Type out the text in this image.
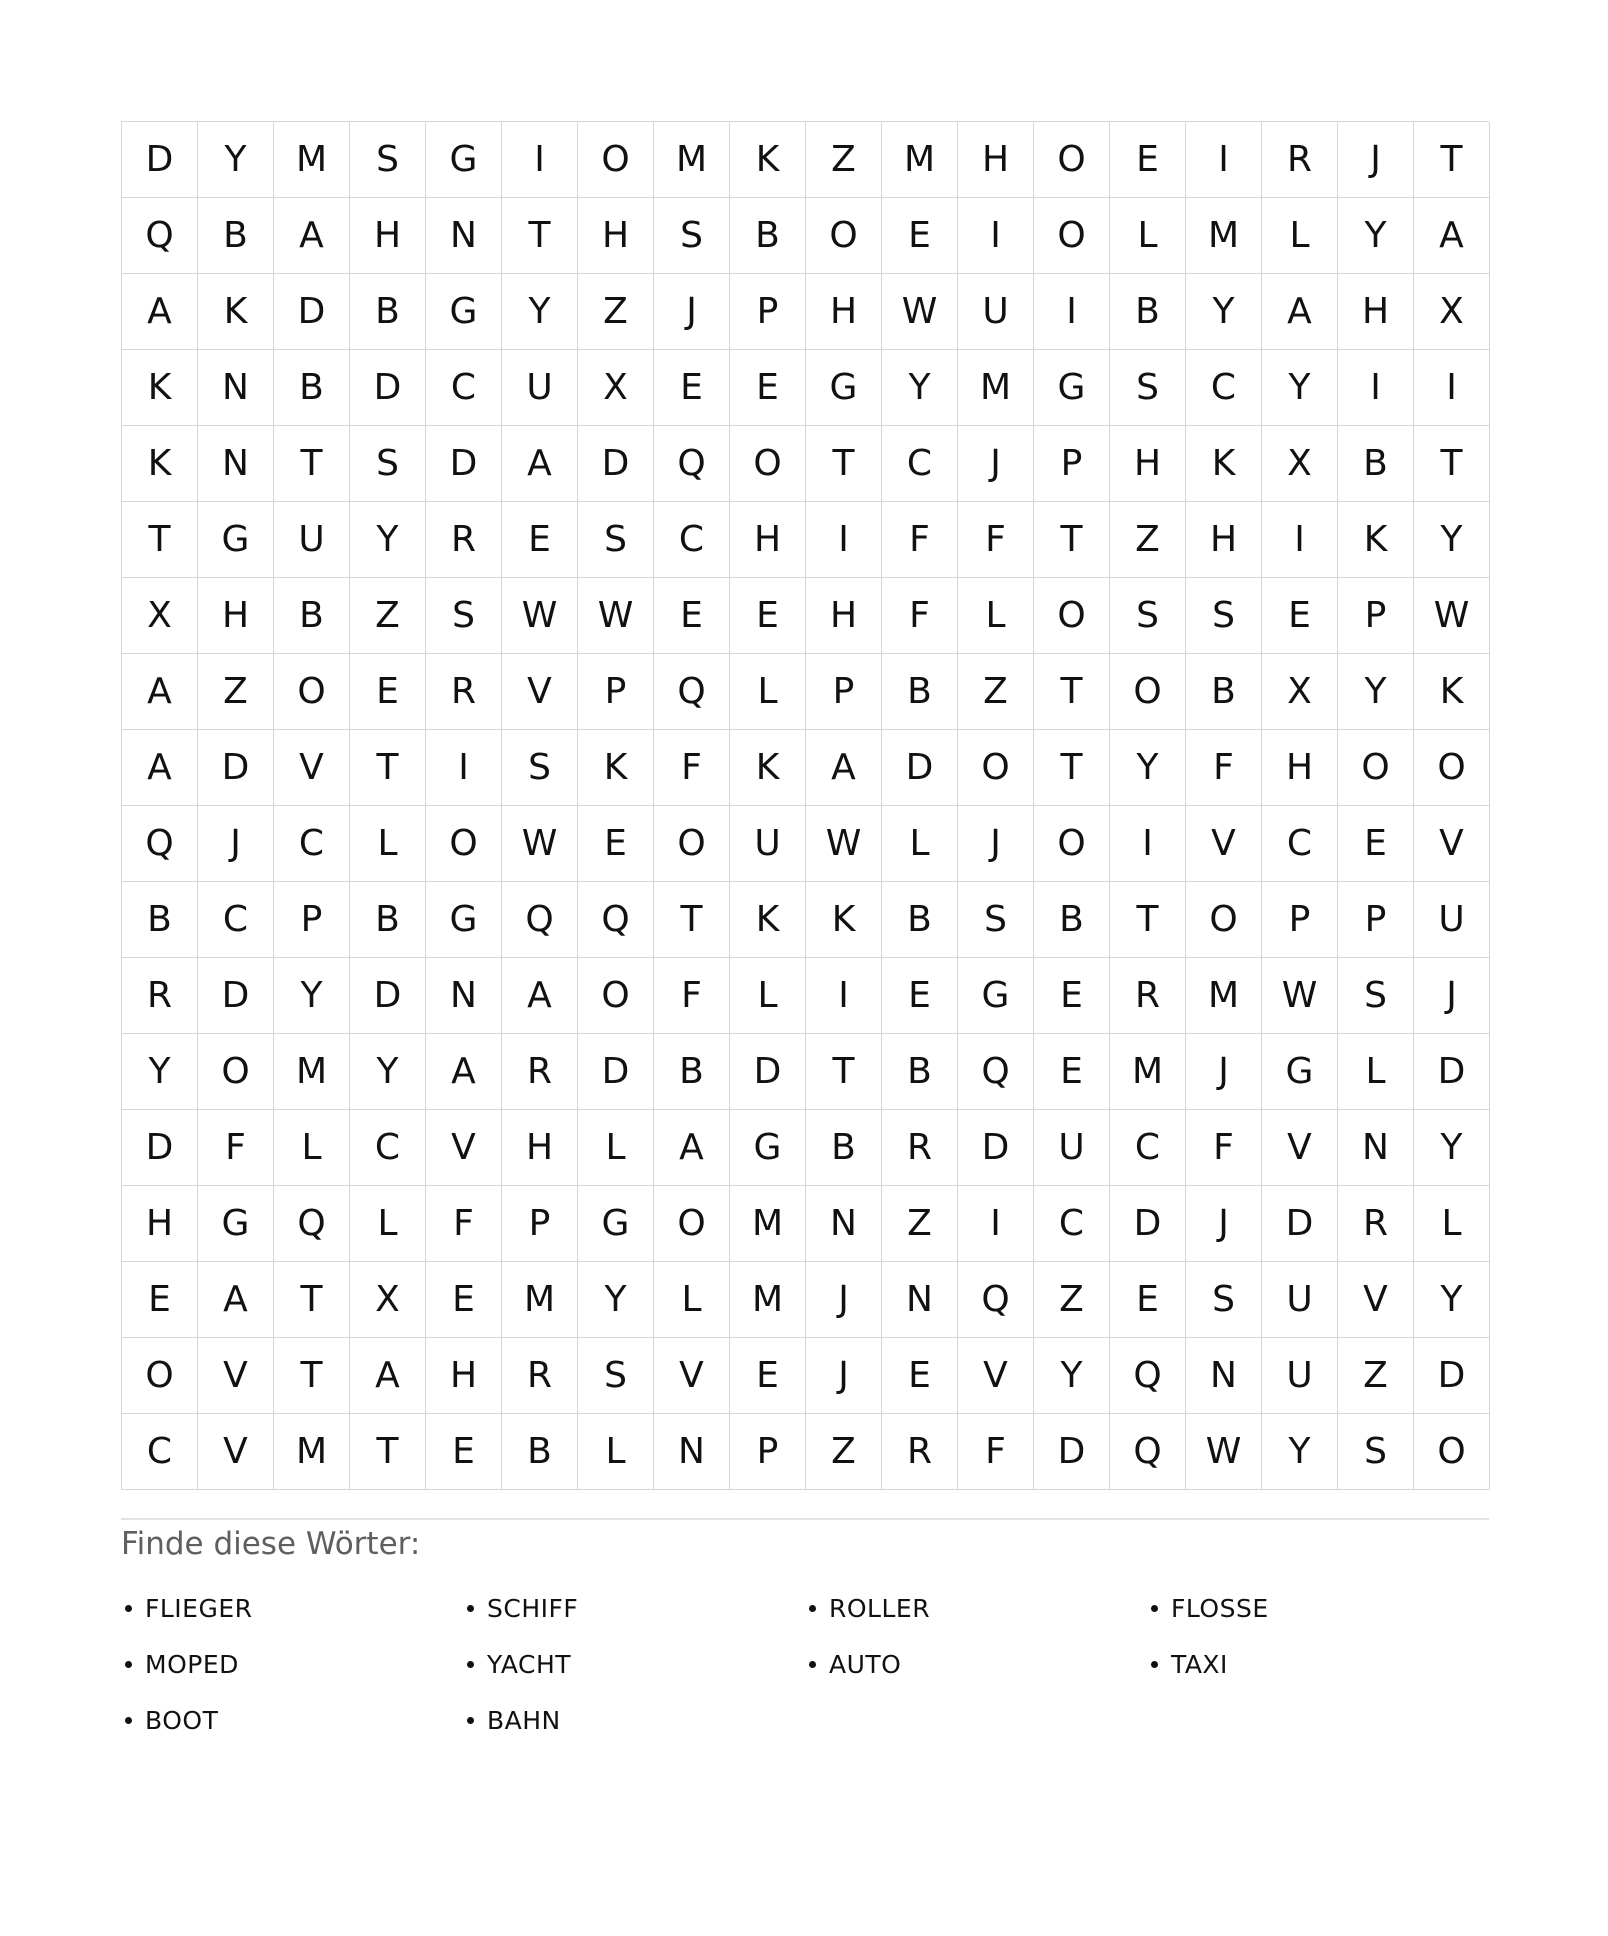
D	Y	M	S	G	I	O	M	K	Z	M	H	O	E	I	R	J	T
Q	B	A	H	N	T	H	S	B	O	E	I	O	L	M	L	Y	A
A	K	D	B	G	Y	Z	J	P	H	W	U	I	B	Y	A	H	X
K	N	B	D	C	U	X	E	E	G	Y	M	G	S	C	Y	I	I
K	N	T	S	D	A	D	Q	O	T	C	J	P	H	K	X	B	T
T	G	U	Y	R	E	S	C	H	I	F	F	T	Z	H	I	K	Y
X	H	B	Z	S	W	W	E	E	H	F	L	O	S	S	E	P	W
A	Z	O	E	R	V	P	Q	L	P	B	Z	T	O	B	X	Y	K
A	D	V	T	I	S	K	F	K	A	D	O	T	Y	F	H	O	O
Q	J	C	L	O	W	E	O	U	W	L	J	O	I	V	C	E	V
B	C	P	B	G	Q	Q	T	K	K	B	S	B	T	O	P	P	U
R	D	Y	D	N	A	O	F	L	I	E	G	E	R	M	W	S	J
Y	O	M	Y	A	R	D	B	D	T	B	Q	E	M	J	G	L	D
D	F	L	C	V	H	L	A	G	B	R	D	U	C	F	V	N	Y
H	G	Q	L	F	P	G	O	M	N	Z	I	C	D	J	D	R	L
E	A	T	X	E	M	Y	L	M	J	N	Q	Z	E	S	U	V	Y
O	V	T	A	H	R	S	V	E	J	E	V	Y	Q	N	U	Z	D
C	V	M	T	E	B	L	N	P	Z	R	F	D	Q	W	Y	S	O
Finde diese Wörter:
FLIEGER	SCHIFF	ROLLER	FLOSSE
MOPED	YACHT	AUTO	TAXI
BOOT	BAHN
